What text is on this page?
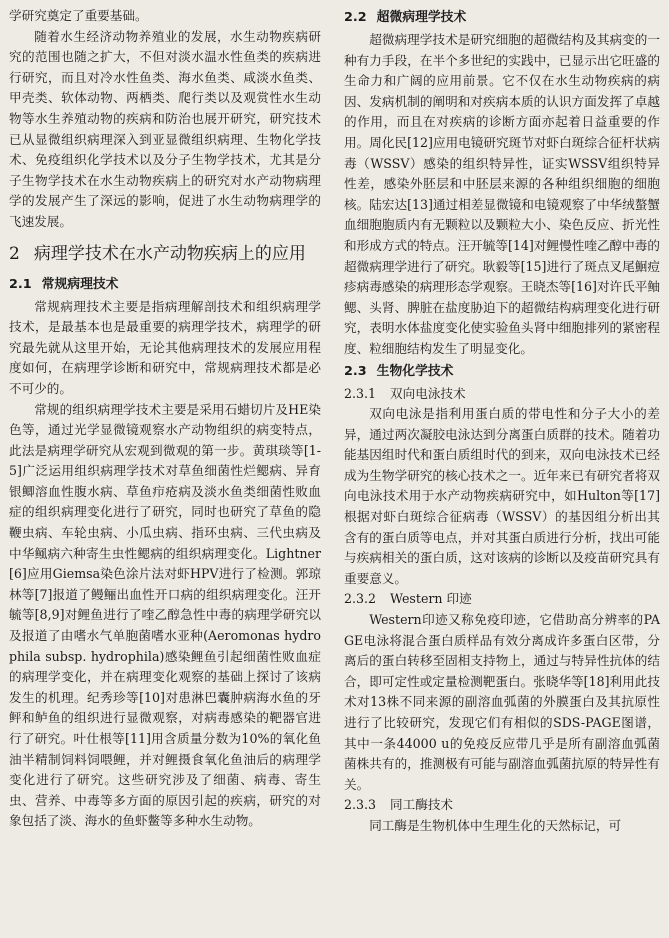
学研究奠定了重要基础。

随着水生经济动物养殖业的发展，水生动物疾病研究的范围也随之扩大，不但对淡水温水性鱼类的疾病进行研究，而且对冷水性鱼类、海水鱼类、咸淡水鱼类、甲壳类、软体动物、两栖类、爬行类以及观赏性水生动物等水生养殖动物的疾病和防治也展开研究，研究技术已从显微组织病理深入到亚显微组织病理、生物化学技术、免疫组织化学技术以及分子生物学技术，尤其是分子生物学技术在水生动物疾病上的研究对水产动物病理学的发展产生了深远的影响，促进了水生动物病理学的飞速发展。

2 病理学技术在水产动物疾病上的应用
2.1 常规病理技术

常规病理技术主要是指病理解剖技术和组织病理学技术，是最基本也是最重要的病理学技术，病理学的研究最先就从这里开始，无论其他病理技术的发展应用程度如何，在病理学诊断和研究中，常规病理技术都是必不可少的。

常规的组织病理学技术主要是采用石蜡切片及HE染色等，通过光学显微镜观察水产动物组织的病变特点，此法是病理学研究从宏观到微观的第一步。黄琪琰等[1-5]广泛运用组织病理学技术对草鱼细菌性烂鳃病、异育银鲫溶血性腹水病、草鱼疖疮病及淡水鱼类细菌性败血症的组织病理变化进行了研究，同时也研究了草鱼的隐鞭虫病、车轮虫病、小瓜虫病、指环虫病、三代虫病及中华鲺病六种寄生虫性鳃病的组织病理变化。Lightner[6]应用Giemsa染色涂片法对虾HPV进行了检测。郭琼林等[7]报道了鳗鲡出血性开口病的组织病理变化。汪开毓等[8,9]对鲤鱼进行了喹乙醇急性中毒的病理学研究以及报道了由嗜水气单胞菌嗜水亚种(Aeromonas hydrophila subsp. hydrophila)感染鲤鱼引起细菌性败血症的病理学变化，并在病理变化观察的基础上探讨了该病发生的机理。纪秀珍等[10]对患淋巴囊肿病海水鱼的牙鲆和鲈鱼的组织进行显微观察，对病毒感染的靶器官进行了研究。叶仕根等[11]用含质量分数为10%的氧化鱼油半精制饲料饲喂鲤，并对鲤摄食氧化鱼油后的病理学变化进行了研究。这些研究涉及了细菌、病毒、寄生虫、营养、中毒等多方面的原因引起的疾病，研究的对象包括了淡、海水的鱼虾鳖等多种水生动物。

2.2 超微病理学技术

超微病理学技术是研究细胞的超微结构及其病变的一种有力手段，在半个多世纪的实践中，已显示出它旺盛的生命力和广阔的应用前景。它不仅在水生动物疾病的病因、发病机制的阐明和对疾病本质的认识方面发挥了卓越的作用，而且在对疾病的诊断方面亦起着日益重要的作用。周化民[12]应用电镜研究斑节对虾白斑综合征杆状病毒（WSSV）感染的组织特异性，证实WSSV组织特异性差，感染外胚层和中胚层来源的各种组织细胞的细胞核。陆宏达[13]通过相差显微镜和电镜观察了中华绒螯蟹血细胞胞质内有无颗粒以及颗粒大小、染色反应、折光性和形成方式的特点。汪开毓等[14]对鲤慢性喹乙醇中毒的超微病理学进行了研究。耿毅等[15]进行了斑点叉尾鮰痘疹病毒感染的病理形态学观察。王晓杰等[16]对许氏平鲉鳃、头肾、脾脏在盐度胁迫下的超微结构病理变化进行研究，表明水体盐度变化使实验鱼头肾中细胞排列的紧密程度、粒细胞结构发生了明显变化。

2.3 生物化学技术
2.3.1 双向电泳技术

双向电泳是指利用蛋白质的带电性和分子大小的差异，通过两次凝胶电泳达到分离蛋白质群的技术。随着功能基因组时代和蛋白质组时代的到来，双向电泳技术已经成为生物学研究的核心技术之一。近年来已有研究者将双向电泳技术用于水产动物疾病研究中，如Hulton等[17]根据对虾白斑综合征病毒（WSSV）的基因组分析出其含有的蛋白质等电点，并对其蛋白质进行分析，找出可能与疾病相关的蛋白质，这对该病的诊断以及疫苗研究具有重要意义。

2.3.2 Western 印迹

Western印迹又称免疫印迹，它借助高分辨率的PAGE电泳将混合蛋白质样品有效分离成许多蛋白区带，分离后的蛋白转移至固相支持物上，通过与特异性抗体的结合，即可定性或定量检测靶蛋白。张晓华等[18]利用此技术对13株不同来源的副溶血弧菌的外膜蛋白及其抗原性进行了比较研究，发现它们有相似的SDS-PAGE图谱，其中一条44000 u的免疫反应带几乎是所有副溶血弧菌菌株共有的，推测极有可能与副溶血弧菌抗原的特异性有关。

2.3.3 同工酶技术

同工酶是生物机体中生理生化的天然标记，可
